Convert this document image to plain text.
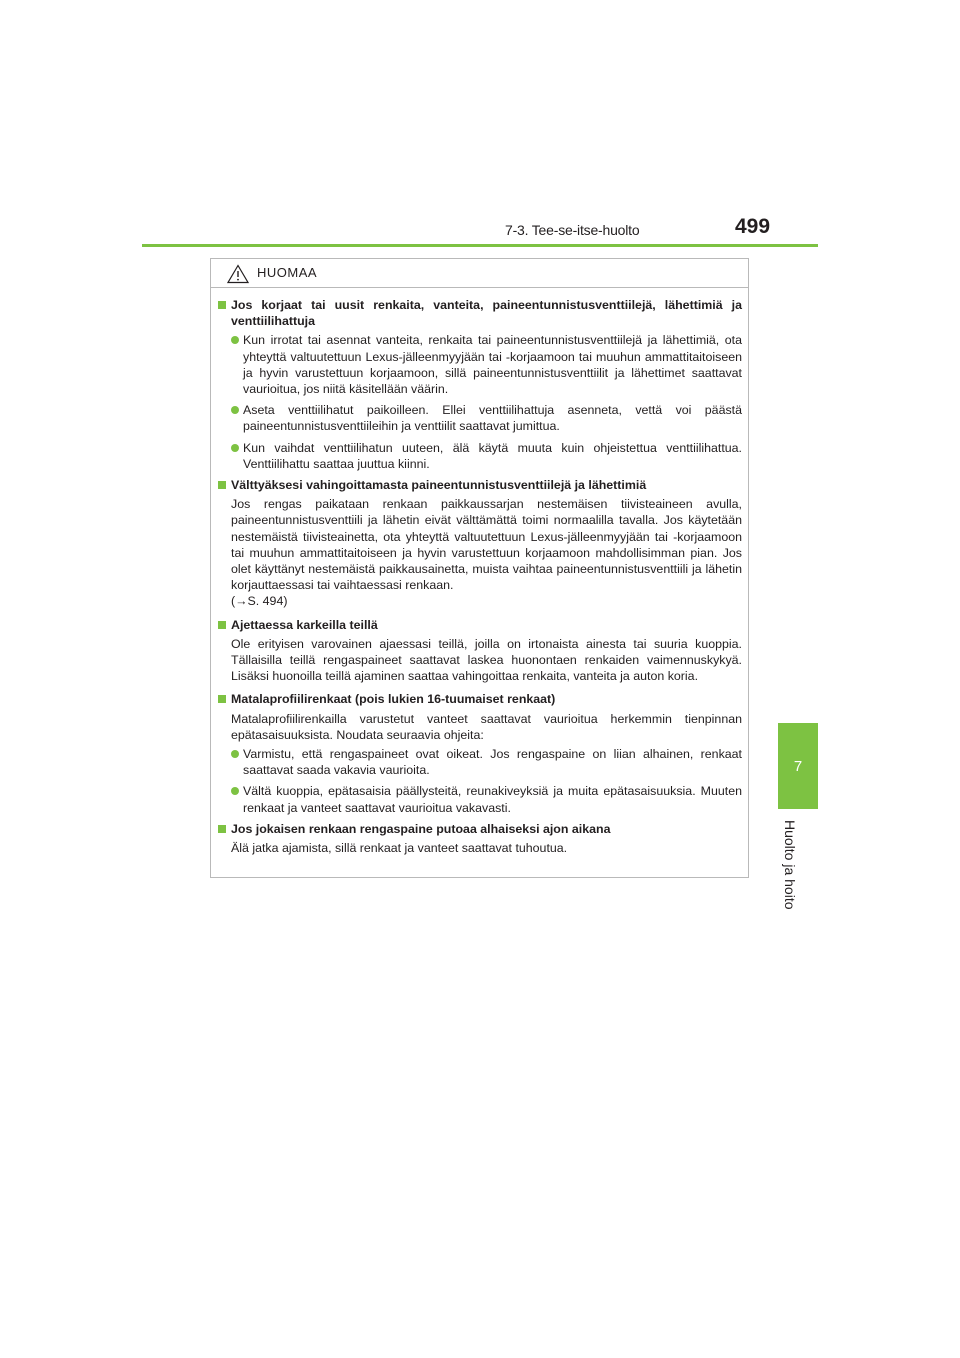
7-3. Tee-se-itse-huolto	499
7
Huolto ja hoito
HUOMAA
Jos korjaat tai uusit renkaita, vanteita, paineentunnistusventtiilejä, lähettimiä ja venttiilihattuja
Kun irrotat tai asennat vanteita, renkaita tai paineentunnistusventtiilejä ja lähettimiä, ota yhteyttä valtuutettuun Lexus-jälleenmyyjään tai -korjaamoon tai muuhun ammattitaitoiseen ja hyvin varustettuun korjaamoon, sillä paineentunnistusventtiilit ja lähettimet saattavat vaurioitua, jos niitä käsitellään väärin.
Aseta venttiilihatut paikoilleen. Ellei venttiilihattuja asenneta, vettä voi päästä paineentunnistusventtiileihin ja venttiilit saattavat jumittua.
Kun vaihdat venttiilihatun uuteen, älä käytä muuta kuin ohjeistettua venttiilihattua. Venttiilihattu saattaa juuttua kiinni.
Välttyäksesi vahingoittamasta paineentunnistusventtiilejä ja lähettimiä

Jos rengas paikataan renkaan paikkaussarjan nestemäisen tiivisteaineen avulla, paineentunnistusventtiili ja lähetin eivät välttämättä toimi normaalilla tavalla. Jos käytetään nestemäistä tiivisteainetta, ota yhteyttä valtuutettuun Lexus-jälleenmyyjään tai -korjaamoon tai muuhun ammattitaitoiseen ja hyvin varustettuun korjaamoon mahdollisimman pian. Jos olet käyttänyt nestemäistä paikkausainetta, muista vaihtaa paineentunnistusventtiili ja lähetin korjauttaessasi tai vaihtaessasi renkaan.

(→S. 494)

Ajettaessa karkeilla teillä

Ole erityisen varovainen ajaessasi teillä, joilla on irtonaista ainesta tai suuria kuoppia. Tällaisilla teillä rengaspaineet saattavat laskea huonontaen renkaiden vaimennuskykyä. Lisäksi huonoilla teillä ajaminen saattaa vahingoittaa renkaita, vanteita ja auton koria.

Matalaprofiilirenkaat (pois lukien 16-tuumaiset renkaat)

Matalaprofiilirenkailla varustetut vanteet saattavat vaurioitua herkemmin tienpinnan epätasaisuuksista. Noudata seuraavia ohjeita:

Varmistu, että rengaspaineet ovat oikeat. Jos rengaspaine on liian alhainen, renkaat saattavat saada vakavia vaurioita.
Vältä kuoppia, epätasaisia päällysteitä, reunakiveyksiä ja muita epätasaisuuksia. Muuten renkaat ja vanteet saattavat vaurioitua vakavasti.
Jos jokaisen renkaan rengaspaine putoaa alhaiseksi ajon aikana

Älä jatka ajamista, sillä renkaat ja vanteet saattavat tuhoutua.
